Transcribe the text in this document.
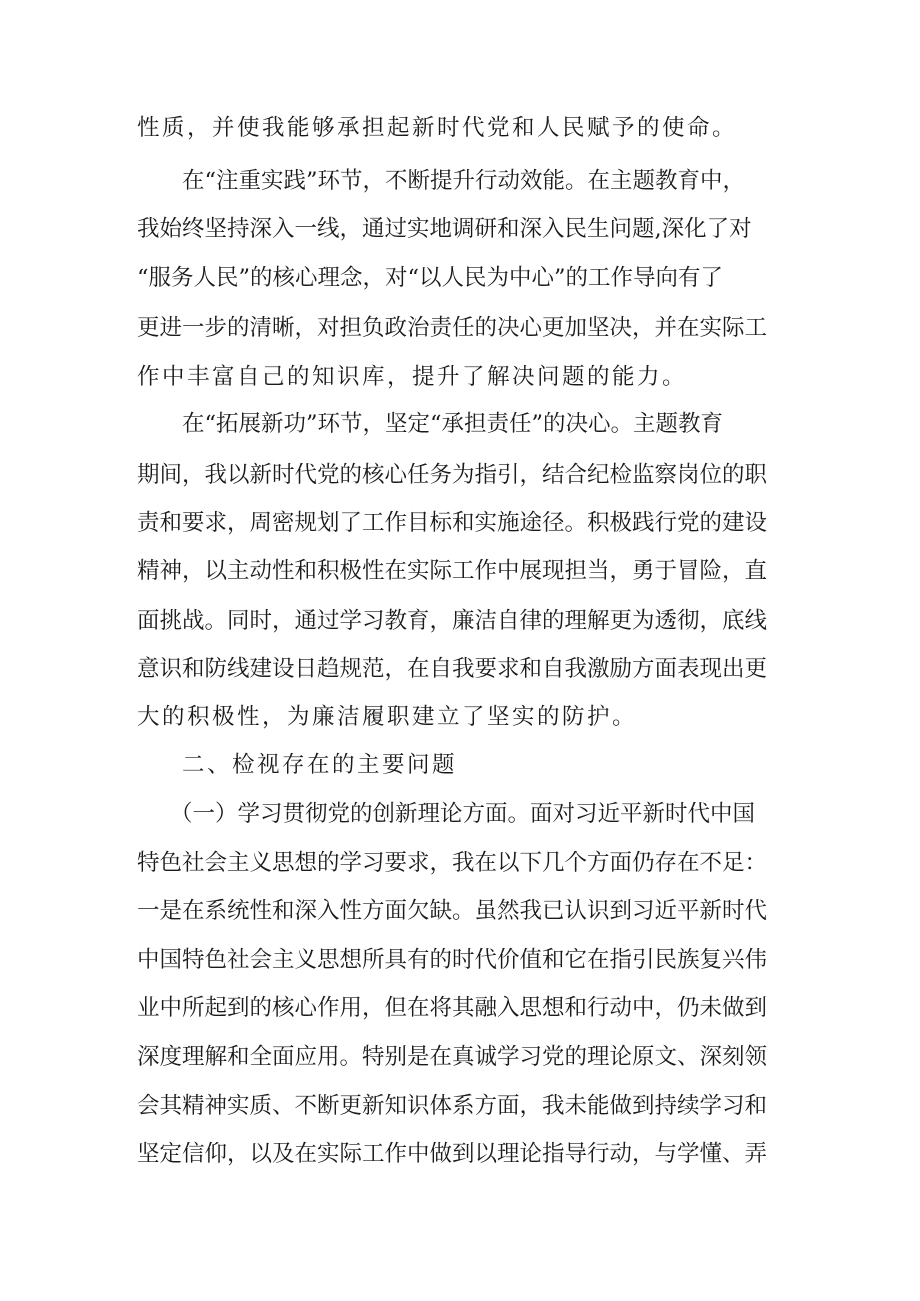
性质，并使我能够承担起新时代党和人民赋予的使命。
在“注重实践”环节，不断提升行动效能。在主题教育中，
我始终坚持深入一线，通过实地调研和深入民生问题,深化了对
“服务人民”的核心理念，对“以人民为中心”的工作导向有了
更进一步的清晰，对担负政治责任的决心更加坚决，并在实际工
作中丰富自己的知识库，提升了解决问题的能力。
在“拓展新功”环节，坚定“承担责任”的决心。主题教育
期间，我以新时代党的核心任务为指引，结合纪检监察岗位的职
责和要求，周密规划了工作目标和实施途径。积极践行党的建设
精神，以主动性和积极性在实际工作中展现担当，勇于冒险，直
面挑战。同时，通过学习教育，廉洁自律的理解更为透彻，底线
意识和防线建设日趋规范，在自我要求和自我激励方面表现出更
大的积极性，为廉洁履职建立了坚实的防护。
二、检视存在的主要问题
（一）学习贯彻党的创新理论方面。面对习近平新时代中国
特色社会主义思想的学习要求，我在以下几个方面仍存在不足：
一是在系统性和深入性方面欠缺。虽然我已认识到习近平新时代
中国特色社会主义思想所具有的时代价值和它在指引民族复兴伟
业中所起到的核心作用，但在将其融入思想和行动中，仍未做到
深度理解和全面应用。特别是在真诚学习党的理论原文、深刻领
会其精神实质、不断更新知识体系方面，我未能做到持续学习和
坚定信仰，以及在实际工作中做到以理论指导行动，与学懂、弄
